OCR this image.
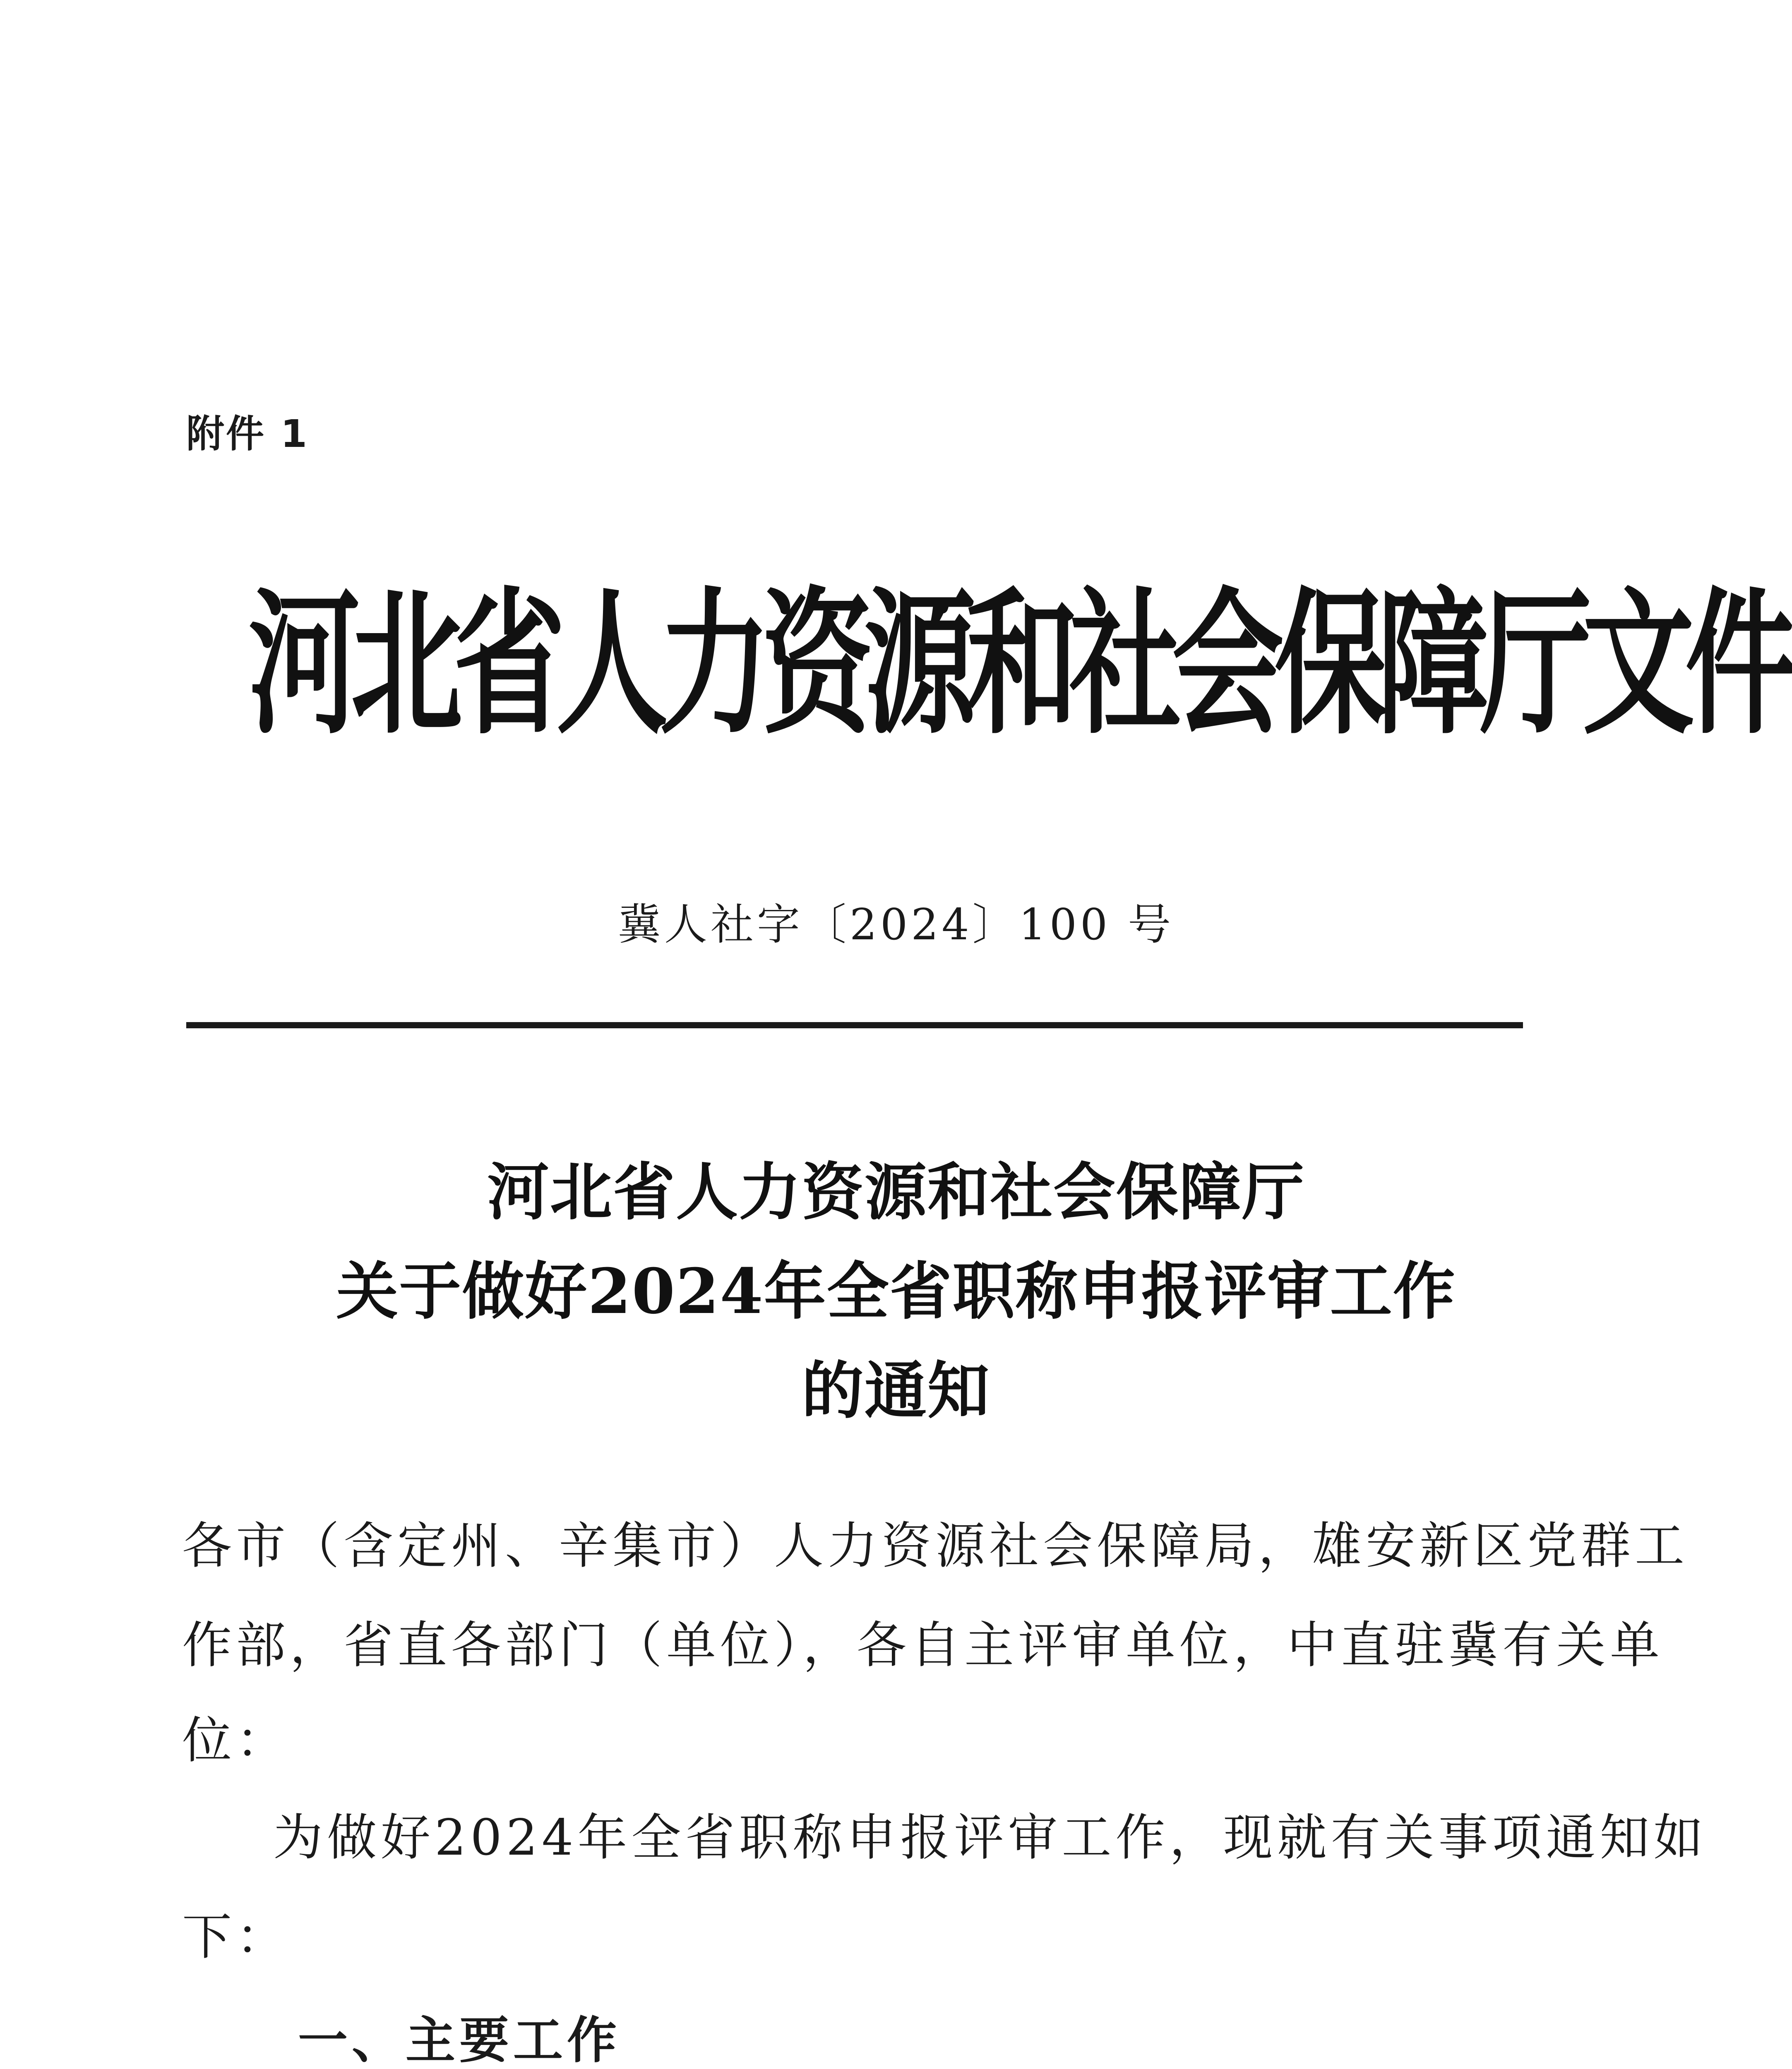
附件 1
河北省人力资源和社会保障厅文件
冀人社字〔2024〕100 号
河北省人力资源和社会保障厅
关于做好2024年全省职称申报评审工作
的通知
各市（含定州、辛集市）人力资源社会保障局，雄安新区党群工
作部，省直各部门（单位），各自主评审单位，中直驻冀有关单
位：
为做好2024年全省职称申报评审工作，现就有关事项通知如
下：
一、主要工作
